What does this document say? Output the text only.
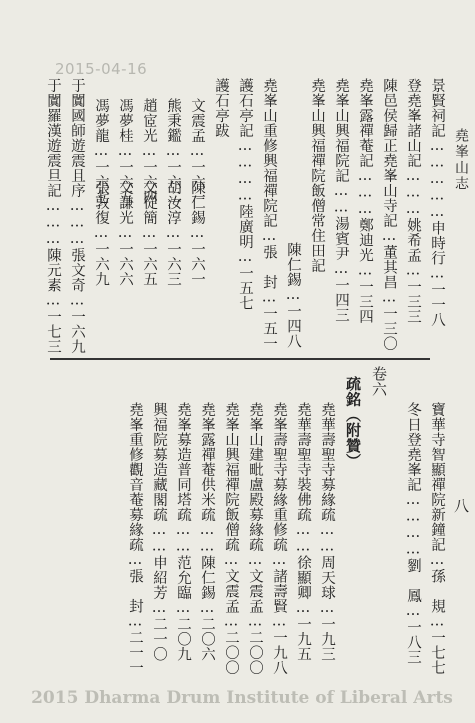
2015-04-16
堯峯山志
八
景賢祠記……………申時行…一一八
登堯峯諸山記………姚希孟…一三三
陳邑侯歸正堯峯山寺記…董其昌…一三〇
堯峯露禪菴記………鄭迪光…一三四
堯峯山興福院記……湯賓尹…一四三
堯峯山興福禪院飯僧常住田記
陳仁錫…一四八
堯峯山重修興福禪院記…張　封…一五一
護石亭記…………陸廣明…一五七
護石亭跋
文震孟…一六一
陳仁錫…一六一
熊秉鑑…一六二
胡汝淳…一六三
趙宧光…一六四
文從簡…一六五
馮夢桂…一六五
文謙光…一六六
馮夢龍…一六七
張敦復…一六九
于闐國師遊震且序………張文奇…一六九
于闐羅漢遊震旦記………陳元素…一七三
寶華寺智顯禪院新鐘記…孫　規…一七七
冬日登堯峯記…………劉　鳳…一八三
卷六
疏銘（附贊）
堯華壽聖寺募緣疏……周天球…一九三
堯華壽聖寺裝佛疏……徐顯卿…一九五
堯峯壽聖寺募緣重修疏…諸壽賢…一九八
堯峯山建毗盧殿募緣疏…文震孟…二〇〇
堯峯山興福禪院飯僧疏…文震孟…二〇〇
堯峯露禪菴供米疏……陳仁錫…二〇六
堯峯募造普同塔疏……范允臨…二〇九
興福院募造藏閣疏……申紹芳…二一〇
堯峯重修觀音菴募緣疏…張　封…二一一
2015 Dharma Drum Institute of Liberal Arts
